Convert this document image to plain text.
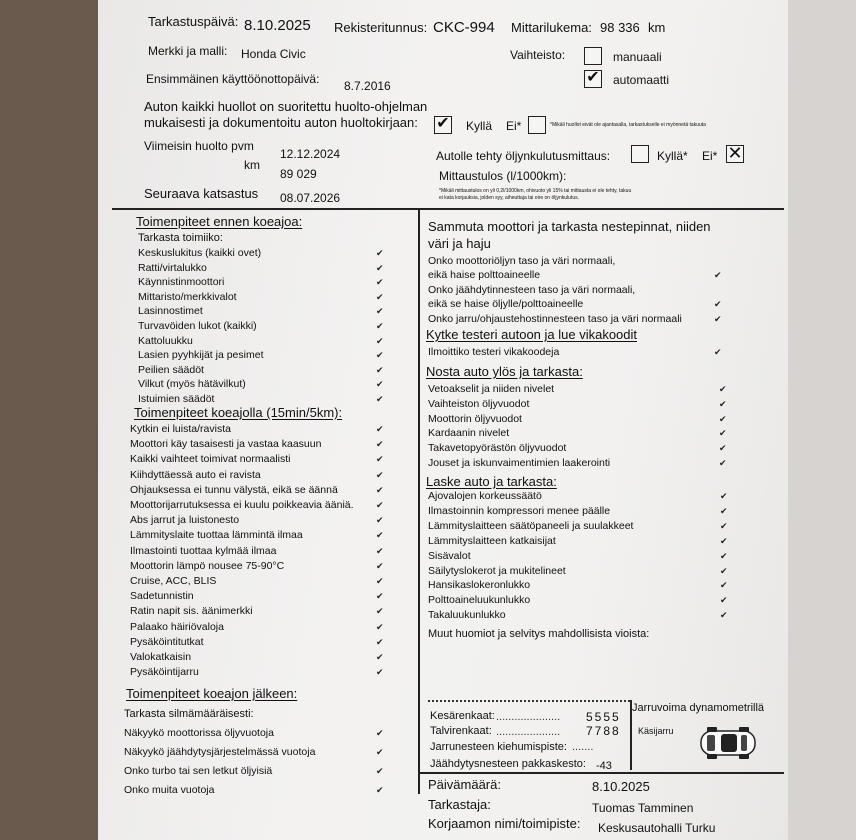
Tarkastuspäivä: 8.10.2025 Rekisteritunnus: CKC-994 Mittarilukema: 98 336 km
Merkki ja malli: Honda Civic	Vaihteisto:	manuaali
✔ automaatti
Ensimmäinen käyttöönottopäivä: 8.7.2016
Auton kaikki huollot on suoritettu huolto-ohjelman
mukaisesti ja dokumentoitu auton huoltokirjaan: ✔ Kyllä Ei*	*Mikäli huollot eivät ole ajantasalla, tarkastukselle ei myönnetä takuuta
Viimeisin huolto pvm
12.12.2024
km
89 029
Seuraava katsastus 08.07.2026
Autolle tehty öljynkulutusmittaus:	Kyllä* Ei* ✕
Mittaustulos (l/1000km):
*Mikäli mittaustulos on yli 0,2l/1000km, ohivuoto yli 15% tai mittausta ei ole tehty, takuu
ei kata korjauksia, jolden syy, aiheuttaja tai oire on öljynkulutus.
Toimenpiteet ennen koeajoa:
Tarkasta toimiiko:
Keskuslukitus (kaikki ovet)	✔
Ratti/virtalukko	✔
Käynnistinmoottori	✔
Mittaristo/merkkivalot	✔
Lasinnostimet	✔
Turvavöiden lukot (kaikki)	✔
Kattoluukku	✔
Lasien pyyhkijät ja pesimet	✔
Peilien säädöt	✔
Vilkut (myös hätävilkut)	✔
Istuimien säädöt	✔
Toimenpiteet koeajolla (15min/5km):
Kytkin ei luista/ravista	✔
Moottori käy tasaisesti ja vastaa kaasuun	✔
Kaikki vaihteet toimivat normaalisti	✔
Kiihdyttäessä auto ei ravista	✔
Ohjauksessa ei tunnu välystä, eikä se äännä	✔
Moottorijarrutuksessa ei kuulu poikkeavia ääniä. ✔
Abs jarrut ja luistonesto	✔
Lämmityslaite tuottaa lämmintä ilmaa	✔
Ilmastointi tuottaa kylmää ilmaa	✔
Moottorin lämpö nousee 75-90°C	✔
Cruise, ACC, BLIS	✔
Sadetunnistin	✔
Ratin napit sis. äänimerkki	✔
Palaako häiriövaloja	✔
Pysäköintitutkat	✔
Valokatkaisin	✔
Pysäköintijarru	✔
Toimenpiteet koeajon jälkeen:
Tarkasta silmämääräisesti:
Näkyykö moottorissa öljyvuotoja	✔
Näkyykö jäähdytysjärjestelmässä vuotoja	✔
Onko turbo tai sen letkut öljyisiä	✔
Onko muita vuotoja	✔
Sammuta moottori ja tarkasta nestepinnat, niiden
väri ja haju
Onko moottoriöljyn taso ja väri normaali,
eikä haise polttoaineelle	✔
Onko jäähdytinnesteen taso ja väri normaali,
eikä se haise öljylle/polttoaineelle	✔
Onko jarru/ohjaustehostinnesteen taso ja väri normaali	✔
Kytke testeri autoon ja lue vikakoodit
Ilmoittiko testeri vikakoodeja	✔
Nosta auto ylös ja tarkasta:
Vetoakselit ja niiden nivelet	✔
Vaihteiston öljyvuodot	✔
Moottorin öljyvuodot	✔
Kardaanin nivelet	✔
Takavetopyörästön öljyvuodot	✔
Jouset ja iskunvaimentimien laakerointi	✔
Laske auto ja tarkasta:
Ajovalojen korkeussäätö	✔
Ilmastoinnin kompressori menee päälle	✔
Lämmityslaitteen säätöpaneeli ja suulakkeet	✔
Lämmityslaitteen katkaisijat	✔
Sisävalot	✔
Säilytyslokerot ja mukitelineet	✔
Hansikaslokeronlukko	✔
Polttoaineluukunlukko	✔
Takaluukunlukko	✔
Muut huomiot ja selvitys mahdollisista vioista:
Kesärenkaat: ..................... 5555
Talvirenkaat: ..................... 7788
Jarrunesteen kiehumispiste: .......
Jäähdytysnesteen pakkaskesto: -43
Jarruvoima dynamometrillä
Käsijarru
Päivämäärä:	8.10.2025
Tarkastaja:	Tuomas Tamminen
Korjaamon nimi/toimipiste: Keskusautohalli Turku
